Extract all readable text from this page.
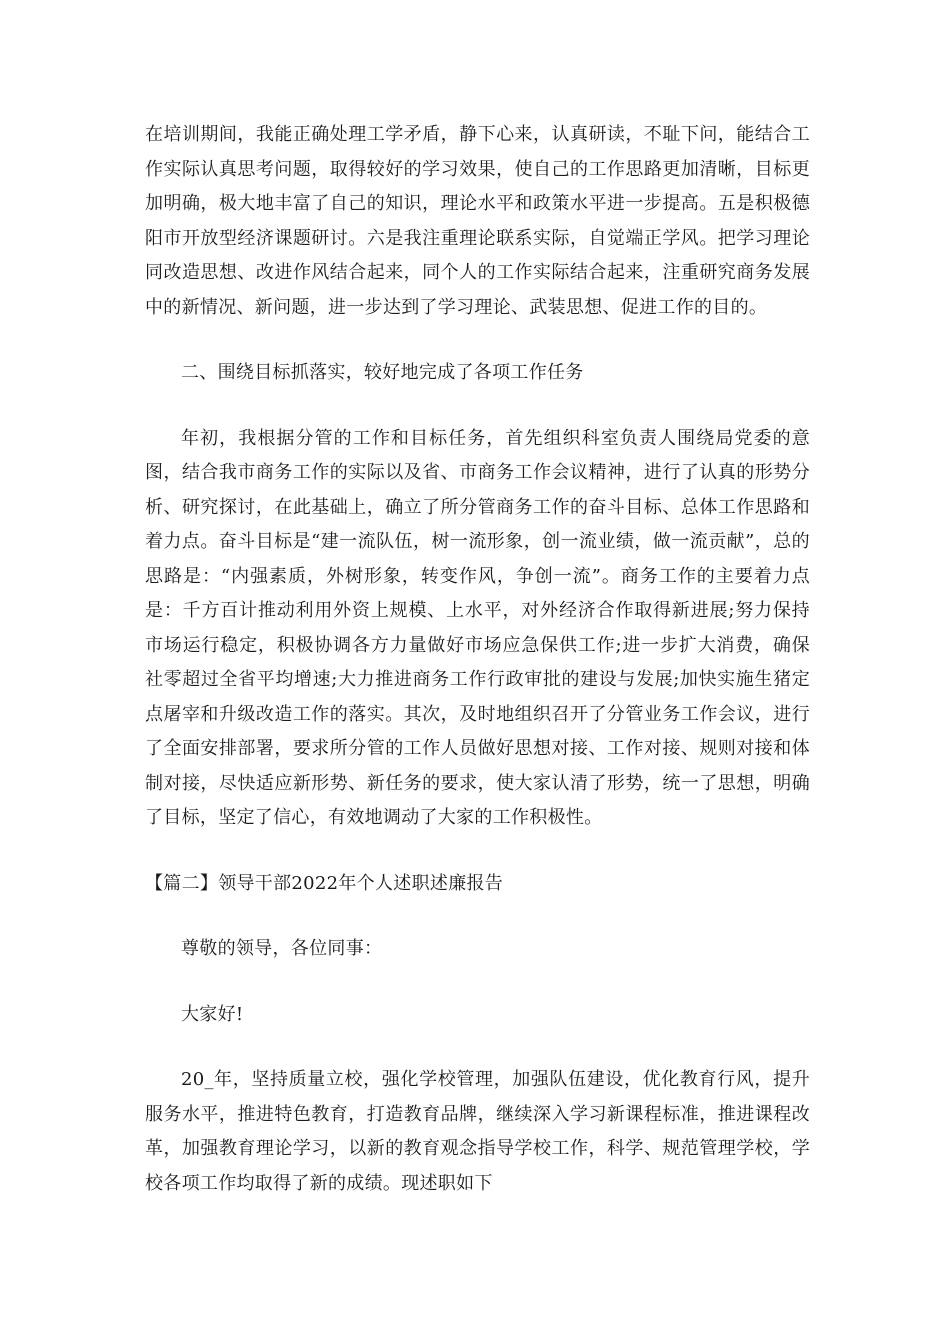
在培训期间，我能正确处理工学矛盾，静下心来，认真研读，不耻下问，能结合工作实际认真思考问题，取得较好的学习效果，使自己的工作思路更加清晰，目标更加明确，极大地丰富了自己的知识，理论水平和政策水平进一步提高。五是积极德阳市开放型经济课题研讨。六是我注重理论联系实际，自觉端正学风。把学习理论同改造思想、改进作风结合起来，同个人的工作实际结合起来，注重研究商务发展中的新情况、新问题，进一步达到了学习理论、武装思想、促进工作的目的。

二、围绕目标抓落实，较好地完成了各项工作任务

年初，我根据分管的工作和目标任务，首先组织科室负责人围绕局党委的意图，结合我市商务工作的实际以及省、市商务工作会议精神，进行了认真的形势分析、研究探讨，在此基础上，确立了所分管商务工作的奋斗目标、总体工作思路和着力点。奋斗目标是“建一流队伍，树一流形象，创一流业绩，做一流贡献”，总的思路是：“内强素质，外树形象，转变作风，争创一流”。商务工作的主要着力点是：千方百计推动利用外资上规模、上水平，对外经济合作取得新进展;努力保持市场运行稳定，积极协调各方力量做好市场应急保供工作;进一步扩大消费，确保社零超过全省平均增速;大力推进商务工作行政审批的建设与发展;加快实施生猪定点屠宰和升级改造工作的落实。其次，及时地组织召开了分管业务工作会议，进行了全面安排部署，要求所分管的工作人员做好思想对接、工作对接、规则对接和体制对接，尽快适应新形势、新任务的要求，使大家认清了形势，统一了思想，明确了目标，坚定了信心，有效地调动了大家的工作积极性。

【篇二】领导干部2022年个人述职述廉报告

尊敬的领导，各位同事：

大家好!

20_年，坚持质量立校，强化学校管理，加强队伍建设，优化教育行风，提升服务水平，推进特色教育，打造教育品牌，继续深入学习新课程标准，推进课程改革，加强教育理论学习，以新的教育观念指导学校工作，科学、规范管理学校，学校各项工作均取得了新的成绩。现述职如下
